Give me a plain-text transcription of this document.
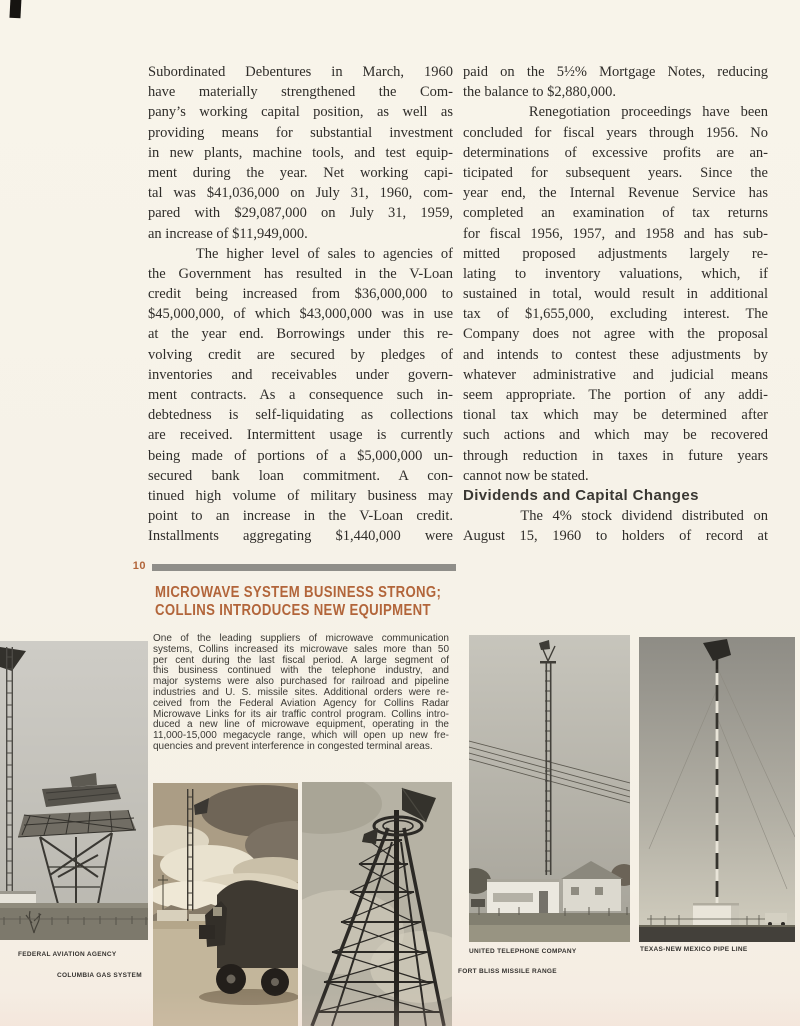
Subordinated Debentures in March, 1960
have materially strengthened the Com-
pany’s working capital position, as well as
providing means for substantial investment
in new plants, machine tools, and test equip-
ment during the year. Net working capi-
tal was $41,036,000 on July 31, 1960, com-
pared with $29,087,000 on July 31, 1959,
an increase of $11,949,000.
The higher level of sales to agencies of
the Government has resulted in the V-Loan
credit being increased from $36,000,000 to
$45,000,000, of which $43,000,000 was in use
at the year end. Borrowings under this re-
volving credit are secured by pledges of
inventories and receivables under govern-
ment contracts. As a consequence such in-
debtedness is self-liquidating as collections
are received. Intermittent usage is currently
being made of portions of a $5,000,000 un-
secured bank loan commitment. A con-
tinued high volume of military business may
point to an increase in the V-Loan credit.
Installments aggregating $1,440,000 were
paid on the 5½% Mortgage Notes, reducing
the balance to $2,880,000.
Renegotiation proceedings have been
concluded for fiscal years through 1956. No
determinations of excessive profits are an-
ticipated for subsequent years. Since the
year end, the Internal Revenue Service has
completed an examination of tax returns
for fiscal 1956, 1957, and 1958 and has sub-
mitted proposed adjustments largely re-
lating to inventory valuations, which, if
sustained in total, would result in additional
tax of $1,655,000, excluding interest. The
Company does not agree with the proposal
and intends to contest these adjustments by
whatever administrative and judicial means
seem appropriate. The portion of any addi-
tional tax which may be determined after
such actions and which may be recovered
through reduction in taxes in future years
cannot now be stated.
Dividends and Capital Changes
The 4% stock dividend distributed on
August 15, 1960 to holders of record at
10
MICROWAVE SYSTEM BUSINESS STRONG;
COLLINS INTRODUCES NEW EQUIPMENT
One of the leading suppliers of microwave communication
systems, Collins increased its microwave sales more than 50
per cent during the last fiscal period. A large segment of
this business continued with the telephone industry, and
major systems were also purchased for railroad and pipeline
industries and U. S. missile sites. Additional orders were re-
ceived from the Federal Aviation Agency for Collins Radar
Microwave Links for its air traffic control program. Collins intro-
duced a new line of microwave equipment, operating in the
11,000-15,000 megacycle range, which will open up new fre-
quencies and prevent interference in congested terminal areas.
FEDERAL AVIATION AGENCY
COLUMBIA GAS SYSTEM
UNITED TELEPHONE COMPANY
FORT BLISS MISSILE RANGE
TEXAS-NEW MEXICO PIPE LINE
